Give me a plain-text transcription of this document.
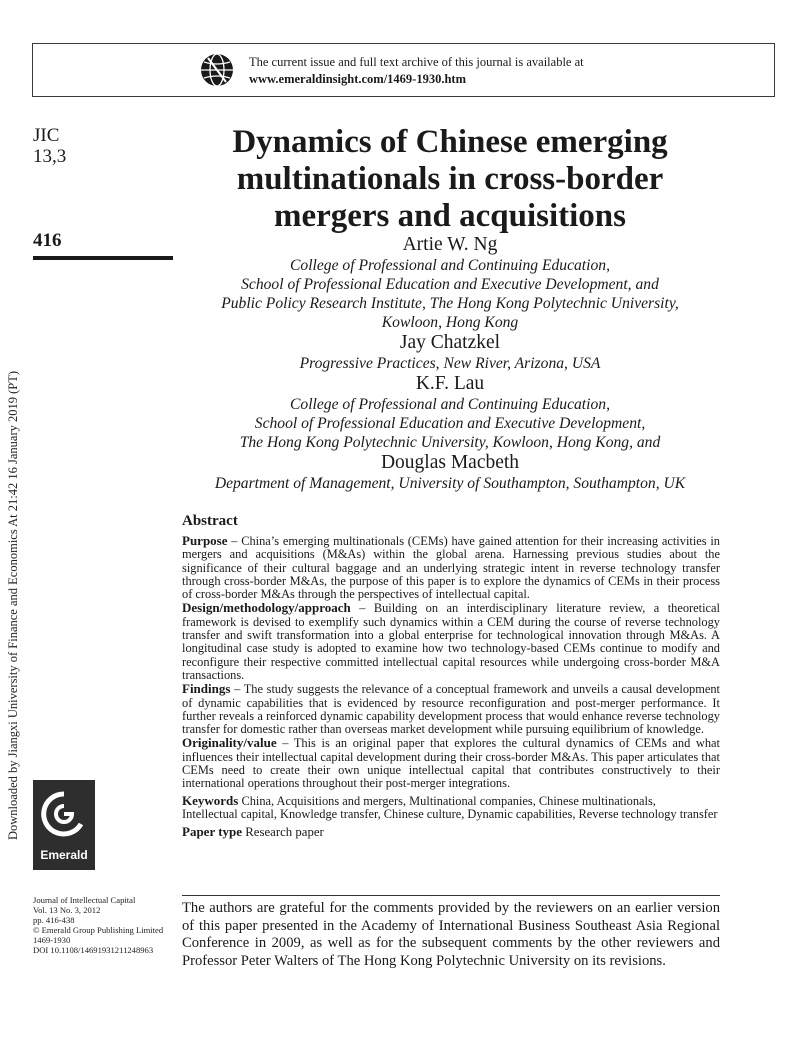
The current issue and full text archive of this journal is available at
www.emeraldinsight.com/1469-1930.htm
Downloaded by Jiangxi University of Finance and Economics At 21:42 16 January 2019 (PT)
JIC
13,3
416
Dynamics of Chinese emerging
multinationals in cross-border
mergers and acquisitions
Artie W. Ng
College of Professional and Continuing Education,
School of Professional Education and Executive Development, and
Public Policy Research Institute, The Hong Kong Polytechnic University,
Kowloon, Hong Kong
Jay Chatzkel
Progressive Practices, New River, Arizona, USA
K.F. Lau
College of Professional and Continuing Education,
School of Professional Education and Executive Development,
The Hong Kong Polytechnic University, Kowloon, Hong Kong, and
Douglas Macbeth
Department of Management, University of Southampton, Southampton, UK
Abstract

Purpose – China’s emerging multinationals (CEMs) have gained attention for their increasing activities in mergers and acquisitions (M&As) within the global arena. Harnessing previous studies about the significance of their cultural baggage and an underlying strategic intent in reverse technology transfer through cross-border M&As, the purpose of this paper is to explore the dynamics of CEMs in their process of cross-border M&As through the perspectives of intellectual capital.

Design/methodology/approach – Building on an interdisciplinary literature review, a theoretical framework is devised to exemplify such dynamics within a CEM during the course of reverse technology transfer and swift transformation into a global enterprise for technological innovation through M&As. A longitudinal case study is adopted to examine how two technology-based CEMs continue to modify and reconfigure their respective committed intellectual capital resources while undergoing cross-border M&A transactions.

Findings – The study suggests the relevance of a conceptual framework and unveils a causal development of dynamic capabilities that is evidenced by resource reconfiguration and post-merger performance. It further reveals a reinforced dynamic capability development process that would enhance reverse technology transfer for domestic rather than overseas market development while pursuing equilibrium of knowledge.

Originality/value – This is an original paper that explores the cultural dynamics of CEMs and what influences their intellectual capital development during their cross-border M&As. This paper articulates that CEMs need to create their own unique intellectual capital that contributes constructively to their international operations throughout their post-merger integrations.

Keywords China, Acquisitions and mergers, Multinational companies, Chinese multinationals,
Intellectual capital, Knowledge transfer, Chinese culture, Dynamic capabilities, Reverse technology transfer

Paper type Research paper

Emerald
Journal of Intellectual Capital
Vol. 13 No. 3, 2012
pp. 416-438
© Emerald Group Publishing Limited
1469-1930
DOI 10.1108/14691931211248963
The authors are grateful for the comments provided by the reviewers on an earlier version of this paper presented in the Academy of International Business Southeast Asia Regional Conference in 2009, as well as for the subsequent comments by the other reviewers and Professor Peter Walters of The Hong Kong Polytechnic University on its revisions.
